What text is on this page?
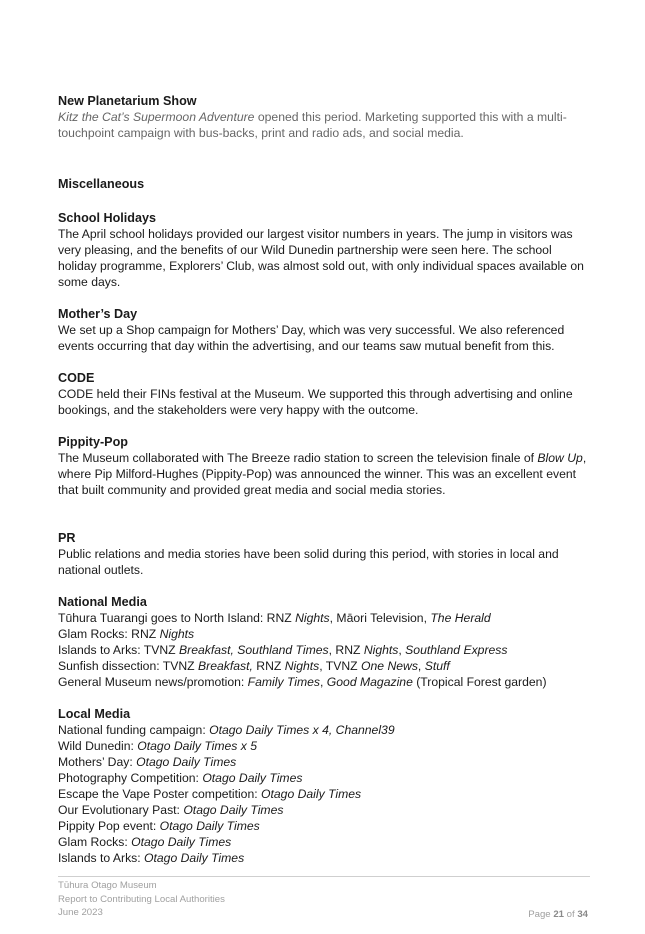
New Planetarium Show

Kitz the Cat’s Supermoon Adventure opened this period. Marketing supported this with a multi-touchpoint campaign with bus-backs, print and radio ads, and social media.

Miscellaneous
School Holidays

The April school holidays provided our largest visitor numbers in years. The jump in visitors was very pleasing, and the benefits of our Wild Dunedin partnership were seen here. The school holiday programme, Explorers’ Club, was almost sold out, with only individual spaces available on some days.

Mother’s Day

We set up a Shop campaign for Mothers’ Day, which was very successful. We also referenced events occurring that day within the advertising, and our teams saw mutual benefit from this.

CODE

CODE held their FINs festival at the Museum. We supported this through advertising and online bookings, and the stakeholders were very happy with the outcome.

Pippity-Pop

The Museum collaborated with The Breeze radio station to screen the television finale of Blow Up, where Pip Milford-Hughes (Pippity-Pop) was announced the winner. This was an excellent event that built community and provided great media and social media stories.

PR

Public relations and media stories have been solid during this period, with stories in local and national outlets.

National Media
Tūhura Tuarangi goes to North Island: RNZ Nights, Māori Television, The Herald
Glam Rocks: RNZ Nights
Islands to Arks: TVNZ Breakfast, Southland Times, RNZ Nights, Southland Express
Sunfish dissection: TVNZ Breakfast, RNZ Nights, TVNZ One News, Stuff
General Museum news/promotion: Family Times, Good Magazine (Tropical Forest garden)
Local Media
National funding campaign: Otago Daily Times x 4, Channel39
Wild Dunedin: Otago Daily Times x 5
Mothers’ Day: Otago Daily Times
Photography Competition: Otago Daily Times
Escape the Vape Poster competition: Otago Daily Times
Our Evolutionary Past: Otago Daily Times
Pippity Pop event: Otago Daily Times
Glam Rocks: Otago Daily Times
Islands to Arks: Otago Daily Times
Tūhura Otago Museum
Report to Contributing Local Authorities
June 2023	Page 21 of 34
